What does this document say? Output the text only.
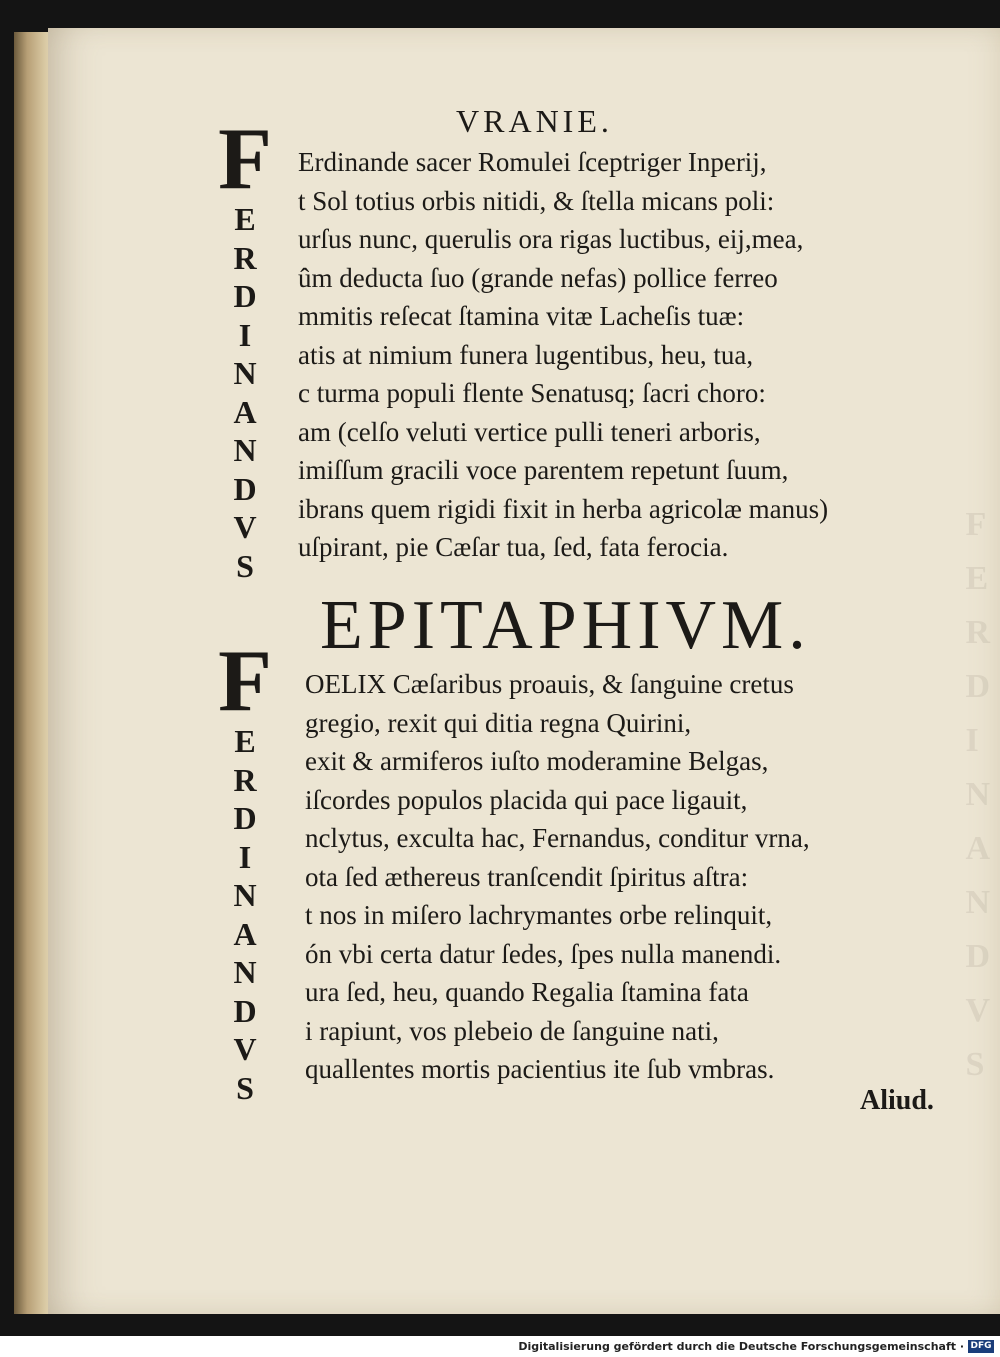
F
E
R
D
I
N
A
N
D
V
S
VRANIE.
F
E
R
D
I
N
A
N
D
V
S
Erdinande sacer Romulei ſceptriger Inperij,
t Sol totius orbis nitidi, & ſtella micans poli:
urſus nunc, querulis ora rigas luctibus, eij,mea,
ûm deducta ſuo (grande nefas) pollice ferreo
mmitis reſecat ſtamina vitæ Lacheſis tuæ:
atis at nimium funera lugentibus, heu, tua,
c turma populi flente Senatusq; ſacri choro:
am (celſo veluti vertice pulli teneri arboris,
imiſſum gracili voce parentem repetunt ſuum,
ibrans quem rigidi fixit in herba agricolæ manus)
uſpirant, pie Cæſar tua, ſed, fata ferocia.
EPITAPHIVM.
F
E
R
D
I
N
A
N
D
V
S
OELIX Cæſaribus proauis, & ſanguine cretus
gregio, rexit qui ditia regna Quirini,
exit & armiferos iuſto moderamine Belgas,
iſcordes populos placida qui pace ligauit,
nclytus, exculta hac, Fernandus, conditur vrna,
ota ſed æthereus tranſcendit ſpiritus aſtra:
t nos in miſero lachrymantes orbe relinquit,
ón vbi certa datur ſedes, ſpes nulla manendi.
ura ſed, heu, quando Regalia ſtamina fata
i rapiunt, vos plebeio de ſanguine nati,
quallentes mortis pacientius ite ſub vmbras.
Aliud.
Digitalisierung gefördert durch die Deutsche Forschungsgemeinschaft · DFG
